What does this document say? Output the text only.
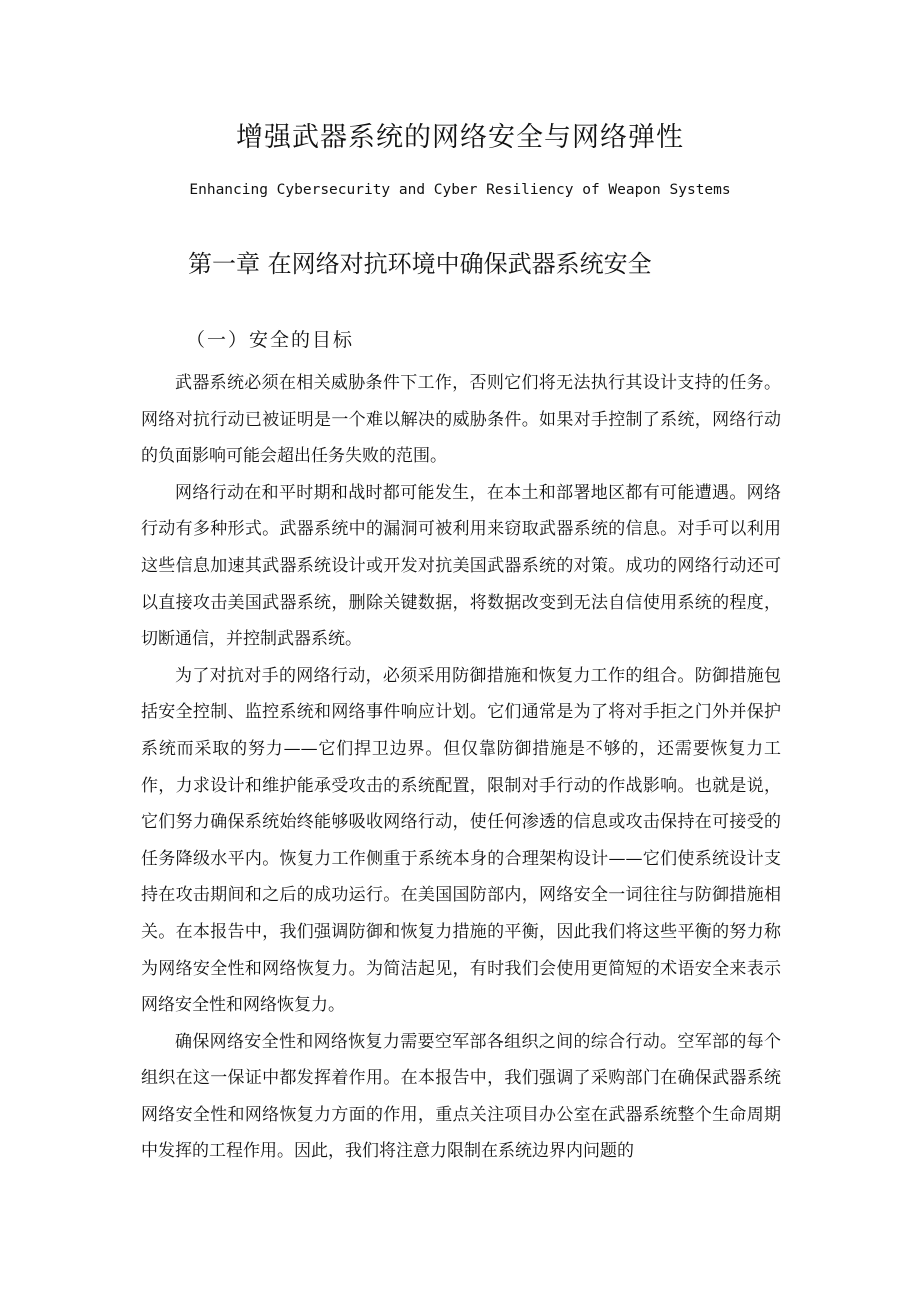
增强武器系统的网络安全与网络弹性

Enhancing Cybersecurity and Cyber Resiliency of Weapon Systems

第一章 在网络对抗环境中确保武器系统安全
（一）安全的目标

武器系统必须在相关威胁条件下工作，否则它们将无法执行其设计支持的任务。网络对抗行动已被证明是一个难以解决的威胁条件。如果对手控制了系统，网络行动的负面影响可能会超出任务失败的范围。

网络行动在和平时期和战时都可能发生，在本土和部署地区都有可能遭遇。网络行动有多种形式。武器系统中的漏洞可被利用来窃取武器系统的信息。对手可以利用这些信息加速其武器系统设计或开发对抗美国武器系统的对策。成功的网络行动还可以直接攻击美国武器系统，删除关键数据，将数据改变到无法自信使用系统的程度，切断通信，并控制武器系统。

为了对抗对手的网络行动，必须采用防御措施和恢复力工作的组合。防御措施包括安全控制、监控系统和网络事件响应计划。它们通常是为了将对手拒之门外并保护系统而采取的努力——它们捍卫边界。但仅靠防御措施是不够的，还需要恢复力工作，力求设计和维护能承受攻击的系统配置，限制对手行动的作战影响。也就是说，它们努力确保系统始终能够吸收网络行动，使任何渗透的信息或攻击保持在可接受的任务降级水平内。恢复力工作侧重于系统本身的合理架构设计——它们使系统设计支持在攻击期间和之后的成功运行。在美国国防部内，网络安全一词往往与防御措施相关。在本报告中，我们强调防御和恢复力措施的平衡，因此我们将这些平衡的努力称为网络安全性和网络恢复力。为简洁起见，有时我们会使用更简短的术语安全来表示网络安全性和网络恢复力。

确保网络安全性和网络恢复力需要空军部各组织之间的综合行动。空军部的每个组织在这一保证中都发挥着作用。在本报告中，我们强调了采购部门在确保武器系统网络安全性和网络恢复力方面的作用，重点关注项目办公室在武器系统整个生命周期中发挥的工程作用。因此，我们将注意力限制在系统边界内问题的
